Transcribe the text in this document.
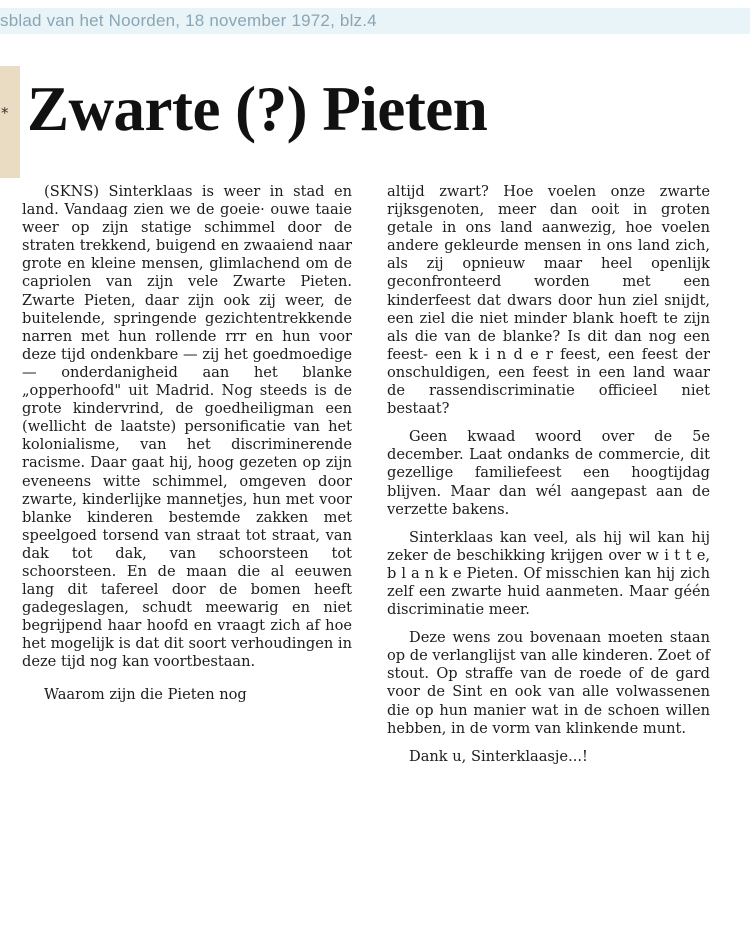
sblad van het Noorden, 18 november 1972, blz.4
* Zwarte (?) Pieten

(SKNS) Sinterklaas is weer in stad en land. Vandaag zien we de goeie· ouwe taaie weer op zijn statige schimmel door de straten trekkend, buigend en zwaaiend naar grote en kleine mensen, glimlachend om de capriolen van zijn vele Zwarte Pieten. Zwarte Pieten, daar zijn ook zij weer, de buitelende, springende gezichtentrekkende narren met hun rollende rrr en hun voor deze tijd ondenkbare — zij het goedmoedige — onderdanigheid aan het blanke „opperhoofd" uit Madrid. Nog steeds is de grote kindervrind, de goedheiligman een (wellicht de laatste) personificatie van het kolonialisme, van het discriminerende racisme. Daar gaat hij, hoog gezeten op zijn eveneens witte schimmel, omgeven door zwarte, kinderlijke mannetjes, hun met voor blanke kinderen bestemde zakken met speelgoed torsend van straat tot straat, van dak tot dak, van schoorsteen tot schoorsteen. En de maan die al eeuwen lang dit tafereel door de bomen heeft gadegeslagen, schudt meewarig en niet begrijpend haar hoofd en vraagt zich af hoe het mogelijk is dat dit soort verhoudingen in deze tijd nog kan voortbestaan.

Waarom zijn die Pieten nog

altijd zwart? Hoe voelen onze zwarte rijksgenoten, meer dan ooit in groten getale in ons land aanwezig, hoe voelen andere gekleurde mensen in ons land zich, als zij opnieuw maar heel openlijk geconfronteerd worden met een kinderfeest dat dwars door hun ziel snijdt, een ziel die niet minder blank hoeft te zijn als die van de blanke? Is dit dan nog een feest- een k i n d e r feest, een feest der onschuldigen, een feest in een land waar de rassendiscriminatie officieel niet bestaat?

Geen kwaad woord over de 5e december. Laat ondanks de commercie, dit gezellige familiefeest een hoogtijdag blijven. Maar dan wél aangepast aan de verzette bakens.

Sinterklaas kan veel, als hij wil kan hij zeker de beschikking krijgen over w i t t e, b l a n k e Pieten. Of misschien kan hij zich zelf een zwarte huid aanmeten. Maar géén discriminatie meer.

Deze wens zou bovenaan moeten staan op de verlanglijst van alle kinderen. Zoet of stout. Op straffe van de roede of de gard voor de Sint en ook van alle volwassenen die op hun manier wat in de schoen willen hebben, in de vorm van klinkende munt.

Dank u, Sinterklaasje...!
